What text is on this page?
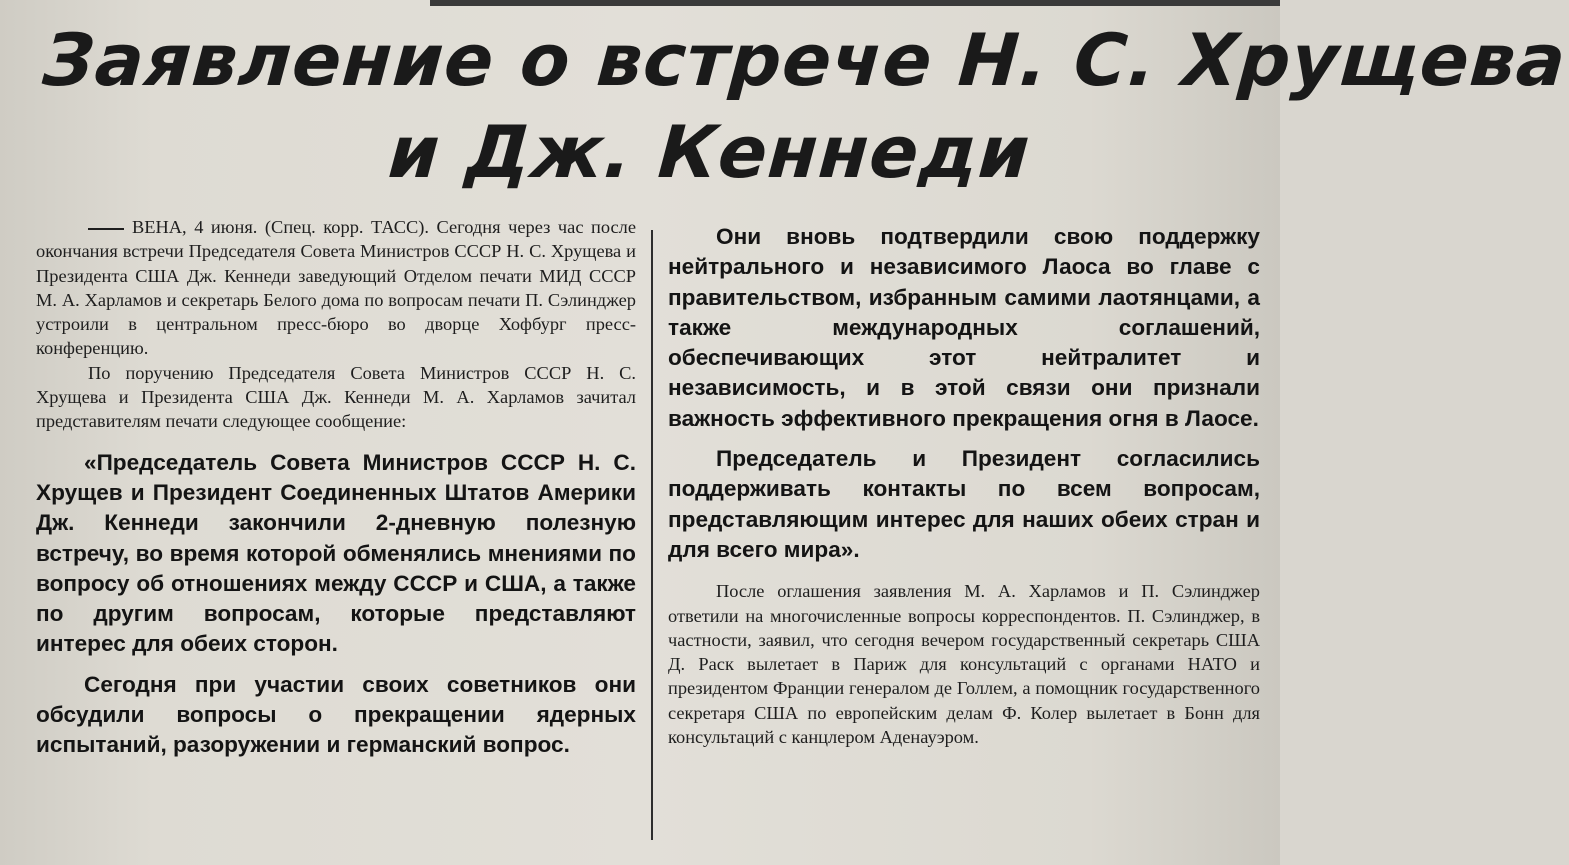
Заявление о встрече Н. С. Хрущева
и Дж. Кеннеди

ВЕНА, 4 июня. (Спец. корр. ТАСС). Сегодня через час после окончания встречи Председателя Совета Министров СССР Н. С. Хрущева и Президента США Дж. Кеннеди заведующий Отделом печати МИД СССР М. А. Харламов и секретарь Белого дома по вопросам печати П. Сэлинджер устроили в центральном пресс-бюро во дворце Хофбург пресс-конференцию.

По поручению Председателя Совета Министров СССР Н. С. Хрущева и Президента США Дж. Кеннеди М. А. Харламов зачитал представителям печати следующее сообщение:

«Председатель Совета Министров СССР Н. С. Хрущев и Президент Соединенных Штатов Америки Дж. Кеннеди закончили 2-дневную полезную встречу, во время которой обменялись мнениями по вопросу об отношениях между СССР и США, а также по другим вопросам, которые представляют интерес для обеих сторон.

Сегодня при участии своих советников они обсудили вопросы о прекращении ядерных испытаний, разоружении и германский вопрос.

Они вновь подтвердили свою поддержку нейтрального и независимого Лаоса во главе с правительством, избранным самими лаотянцами, а также международных соглашений, обеспечивающих этот нейтралитет и независимость, и в этой связи они признали важность эффективного прекращения огня в Лаосе.

Председатель и Президент согласились поддерживать контакты по всем вопросам, представляющим интерес для наших обеих стран и для всего мира».

После оглашения заявления М. А. Харламов и П. Сэлинджер ответили на многочисленные вопросы корреспондентов. П. Сэлинджер, в частности, заявил, что сегодня вечером государственный секретарь США Д. Раск вылетает в Париж для консультаций с органами НАТО и президентом Франции генералом де Голлем, а помощник государственного секретаря США по европейским делам Ф. Колер вылетает в Бонн для консультаций с канцлером Аденауэром.
